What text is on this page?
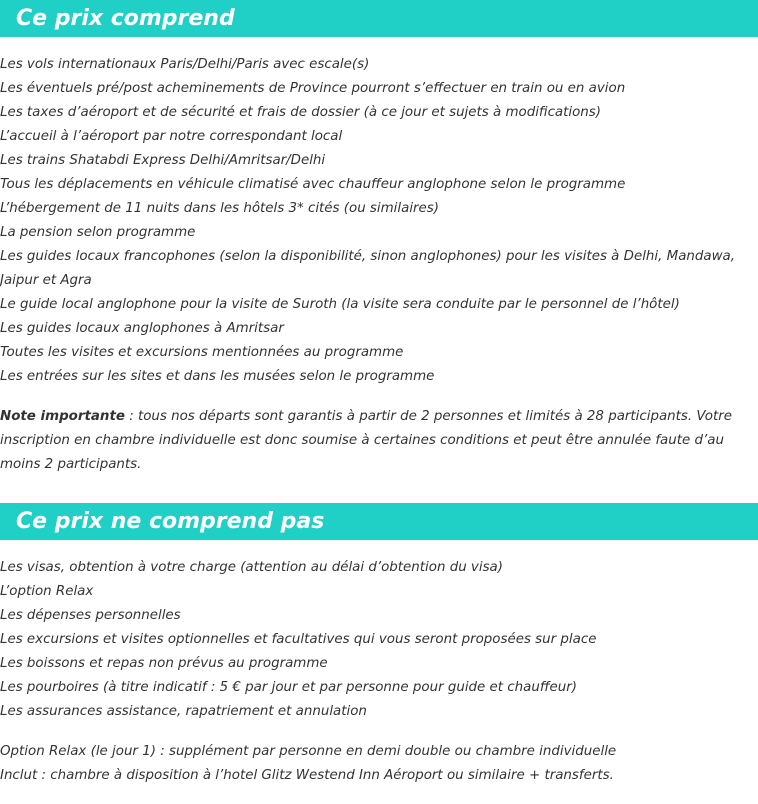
Ce prix comprend
Les vols internationaux Paris/Delhi/Paris avec escale(s)
Les éventuels pré/post acheminements de Province pourront s’effectuer en train ou en avion
Les taxes d’aéroport et de sécurité et frais de dossier (à ce jour et sujets à modifications)
L’accueil à l’aéroport par notre correspondant local
Les trains Shatabdi Express Delhi/Amritsar/Delhi
Tous les déplacements en véhicule climatisé avec chauffeur anglophone selon le programme
L’hébergement de 11 nuits dans les hôtels 3* cités (ou similaires)
La pension selon programme
Les guides locaux francophones (selon la disponibilité, sinon anglophones) pour les visites à Delhi, Mandawa, Jaipur et Agra
Le guide local anglophone pour la visite de Suroth (la visite sera conduite par le personnel de l’hôtel)
Les guides locaux anglophones à Amritsar
Toutes les visites et excursions mentionnées au programme
Les entrées sur les sites et dans les musées selon le programme

Note importante : tous nos départs sont garantis à partir de 2 personnes et limités à 28 participants. Votre inscription en chambre individuelle est donc soumise à certaines conditions et peut être annulée faute d’au moins 2 participants.

Ce prix ne comprend pas
Les visas, obtention à votre charge (attention au délai d’obtention du visa)
L’option Relax
Les dépenses personnelles
Les excursions et visites optionnelles et facultatives qui vous seront proposées sur place
Les boissons et repas non prévus au programme
Les pourboires (à titre indicatif : 5 € par jour et par personne pour guide et chauffeur)
Les assurances assistance, rapatriement et annulation

Option Relax (le jour 1) : supplément par personne en demi double ou chambre individuelle

Inclut : chambre à disposition à l’hotel Glitz Westend Inn Aéroport ou similaire + transferts.
